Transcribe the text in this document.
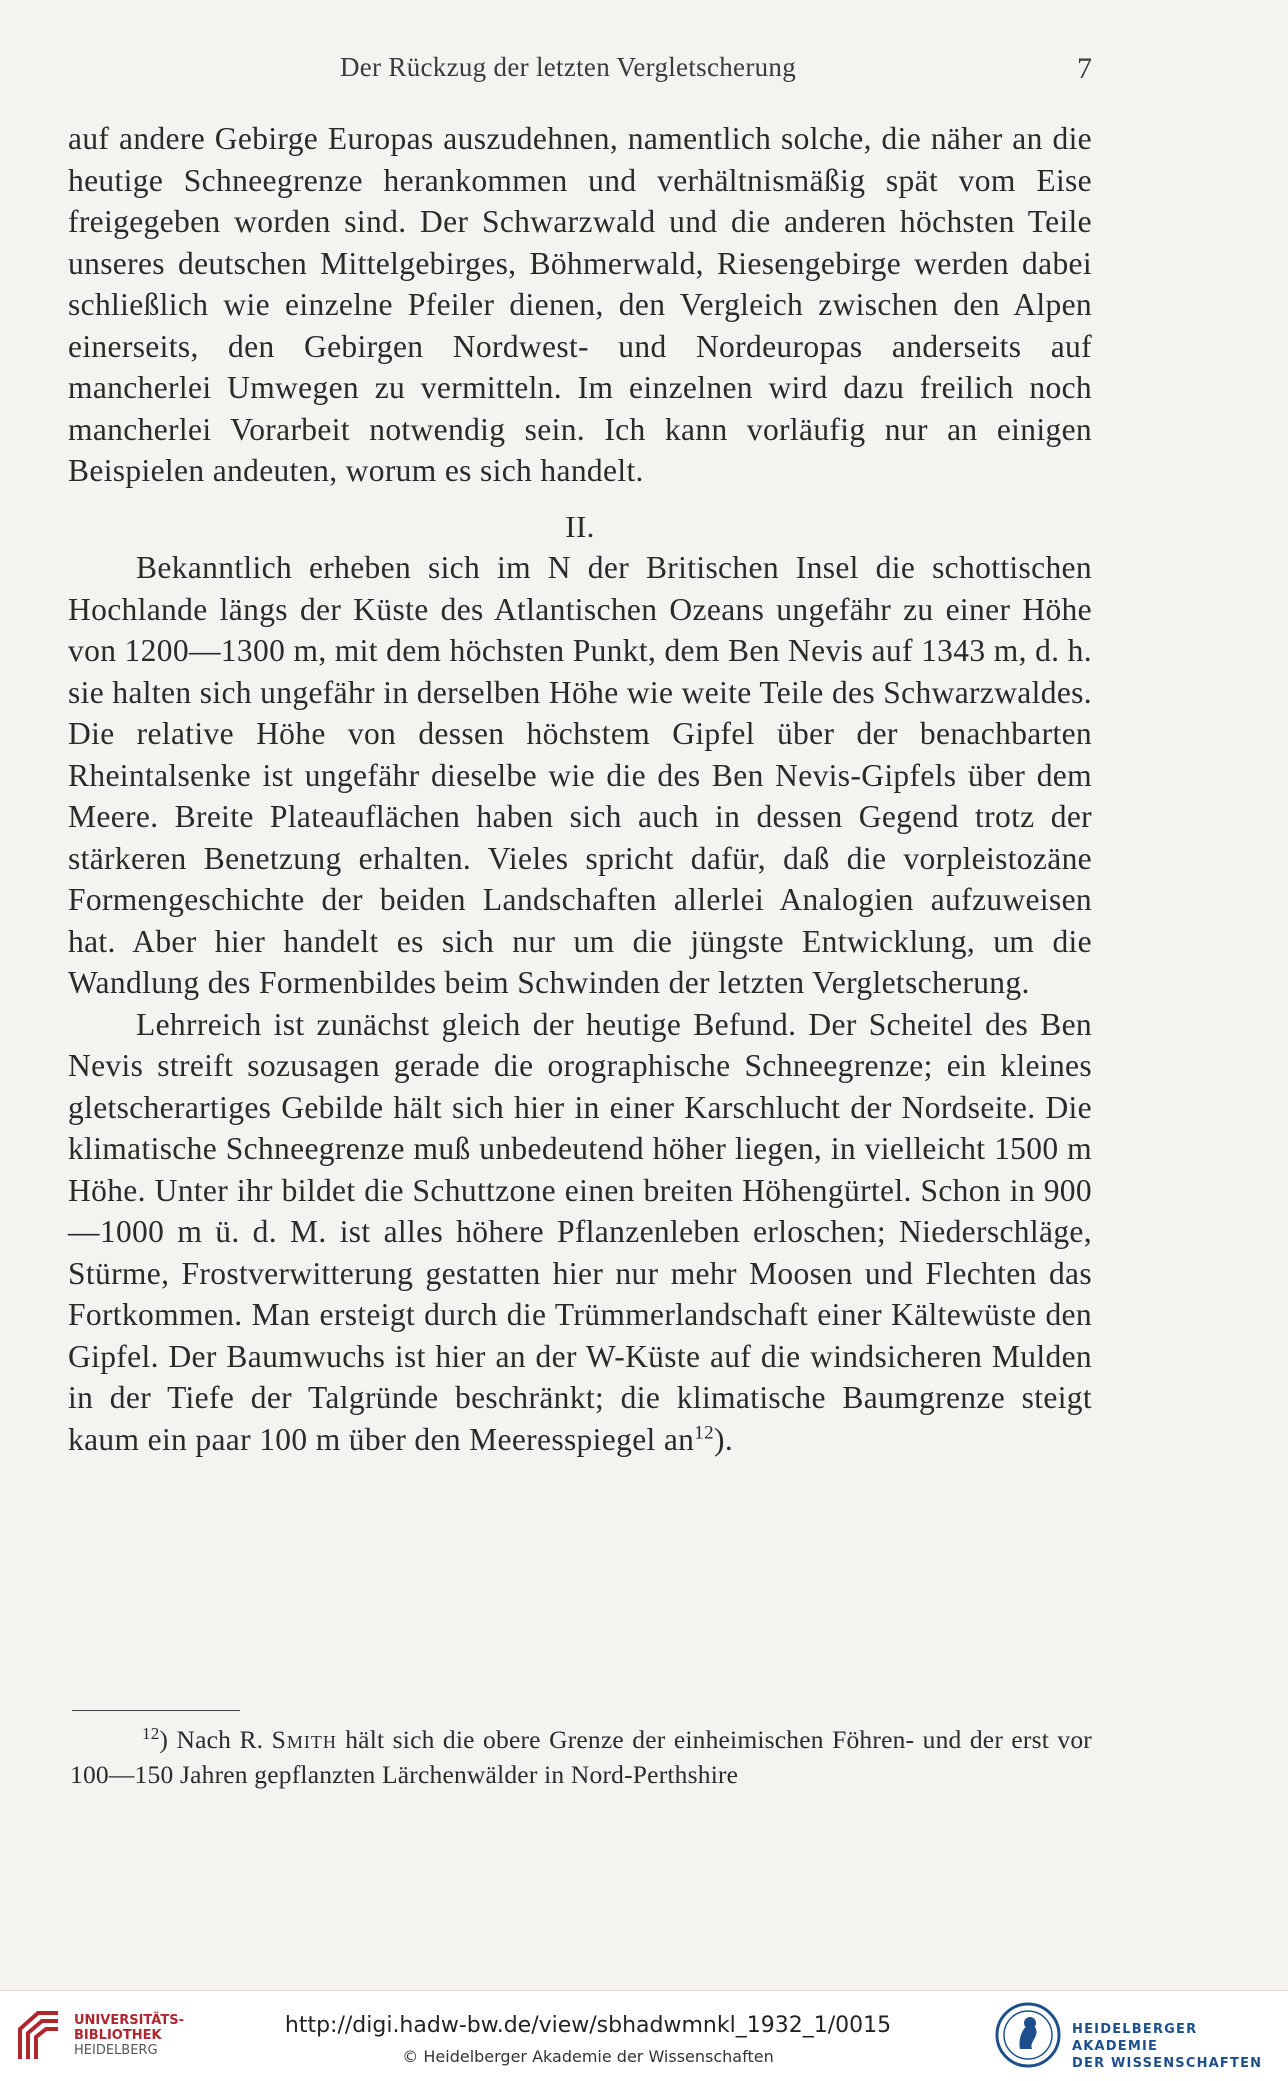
Der Rückzug der letzten Vergletscherung	7

auf andere Gebirge Europas auszudehnen, namentlich solche, die näher an die heutige Schneegrenze herankommen und verhältnismäßig spät vom Eise freigegeben worden sind. Der Schwarzwald und die anderen höchsten Teile unseres deutschen Mittelgebirges, Böhmerwald, Riesengebirge werden dabei schließlich wie einzelne Pfeiler dienen, den Vergleich zwischen den Alpen einerseits, den Gebirgen Nordwest- und Nordeuropas anderseits auf mancherlei Umwegen zu vermitteln. Im einzelnen wird dazu freilich noch mancherlei Vorarbeit notwendig sein. Ich kann vorläufig nur an einigen Beispielen andeuten, worum es sich handelt.

II.

Bekanntlich erheben sich im N der Britischen Insel die schottischen Hochlande längs der Küste des Atlantischen Ozeans ungefähr zu einer Höhe von 1200—1300 m, mit dem höchsten Punkt, dem Ben Nevis auf 1343 m, d. h. sie halten sich ungefähr in derselben Höhe wie weite Teile des Schwarzwaldes. Die relative Höhe von dessen höchstem Gipfel über der benachbarten Rheintalsenke ist ungefähr dieselbe wie die des Ben Nevis-Gipfels über dem Meere. Breite Plateauflächen haben sich auch in dessen Gegend trotz der stärkeren Benetzung erhalten. Vieles spricht dafür, daß die vorpleistozäne Formengeschichte der beiden Landschaften allerlei Analogien aufzuweisen hat. Aber hier handelt es sich nur um die jüngste Entwicklung, um die Wandlung des Formenbildes beim Schwinden der letzten Vergletscherung.

Lehrreich ist zunächst gleich der heutige Befund. Der Scheitel des Ben Nevis streift sozusagen gerade die orographische Schneegrenze; ein kleines gletscherartiges Gebilde hält sich hier in einer Karschlucht der Nordseite. Die klimatische Schneegrenze muß unbedeutend höher liegen, in vielleicht 1500 m Höhe. Unter ihr bildet die Schuttzone einen breiten Höhengürtel. Schon in 900—1000 m ü. d. M. ist alles höhere Pflanzenleben erloschen; Niederschläge, Stürme, Frostverwitterung gestatten hier nur mehr Moosen und Flechten das Fortkommen. Man ersteigt durch die Trümmerlandschaft einer Kältewüste den Gipfel. Der Baumwuchs ist hier an der W-Küste auf die windsicheren Mulden in der Tiefe der Talgründe beschränkt; die klimatische Baumgrenze steigt kaum ein paar 100 m über den Meeresspiegel $an^{12}$).

$^{12}$) Nach R. Smith hält sich die obere Grenze der einheimischen Föhren- und der erst vor 100—150 Jahren gepflanzten Lärchenwälder in Nord-Perthshire
UNIVERSITÄTS-
BIBLIOTHEK
HEIDELBERG
http://digi.hadw-bw.de/view/sbhadwmnkl_1932_1/0015
© Heidelberger Akademie der Wissenschaften
HEIDELBERGER AKADEMIE
DER WISSENSCHAFTEN
